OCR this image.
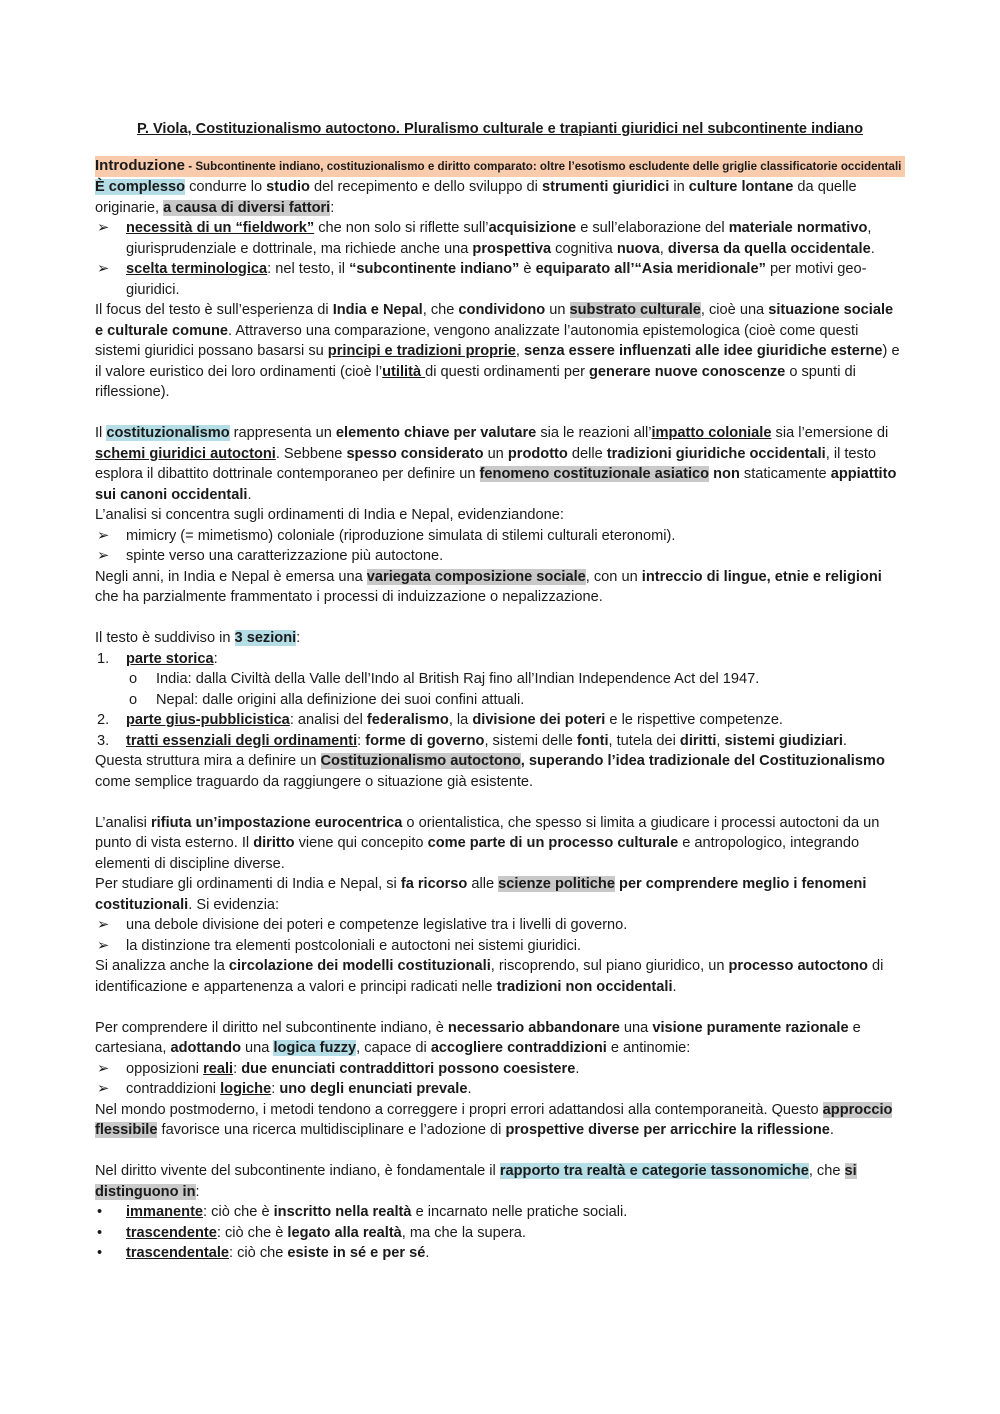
P. Viola, Costituzionalismo autoctono. Pluralismo culturale e trapianti giuridici nel subcontinente indiano

Introduzione - Subcontinente indiano, costituzionalismo e diritto comparato: oltre l’esotismo escludente delle griglie classificatorie occidentali

È complesso condurre lo studio del recepimento e dello sviluppo di strumenti giuridici in culture lontane da quelle originarie, a causa di diversi fattori:

➢ necessità di un “fieldwork” che non solo si riflette sull’acquisizione e sull’elaborazione del materiale normativo, giurisprudenziale e dottrinale, ma richiede anche una prospettiva cognitiva nuova, diversa da quella occidentale.
➢ scelta terminologica: nel testo, il “subcontinente indiano” è equiparato all’“Asia meridionale” per motivi geo-giuridici.

Il focus del testo è sull’esperienza di India e Nepal, che condividono un substrato culturale, cioè una situazione sociale e culturale comune. Attraverso una comparazione, vengono analizzate l’autonomia epistemologica (cioè come questi sistemi giuridici possano basarsi su principi e tradizioni proprie, senza essere influenzati alle idee giuridiche esterne) e il valore euristico dei loro ordinamenti (cioè l’utilità di questi ordinamenti per generare nuove conoscenze o spunti di riflessione).

Il costituzionalismo rappresenta un elemento chiave per valutare sia le reazioni all’impatto coloniale sia l’emersione di schemi giuridici autoctoni. Sebbene spesso considerato un prodotto delle tradizioni giuridiche occidentali, il testo esplora il dibattito dottrinale contemporaneo per definire un fenomeno costituzionale asiatico non staticamente appiattito sui canoni occidentali.

L’analisi si concentra sugli ordinamenti di India e Nepal, evidenziandone:

➢ mimicry (= mimetismo) coloniale (riproduzione simulata di stilemi culturali eteronomi).
➢ spinte verso una caratterizzazione più autoctone.

Negli anni, in India e Nepal è emersa una variegata composizione sociale, con un intreccio di lingue, etnie e religioni che ha parzialmente frammentato i processi di induizzazione o nepalizzazione.

Il testo è suddiviso in 3 sezioni:

1. parte storica:
o India: dalla Civiltà della Valle dell’Indo al British Raj fino all’Indian Independence Act del 1947.
o Nepal: dalle origini alla definizione dei suoi confini attuali.
2. parte gius-pubblicistica: analisi del federalismo, la divisione dei poteri e le rispettive competenze.
3. tratti essenziali degli ordinamenti: forme di governo, sistemi delle fonti, tutela dei diritti, sistemi giudiziari.

Questa struttura mira a definire un Costituzionalismo autoctono, superando l’idea tradizionale del Costituzionalismo come semplice traguardo da raggiungere o situazione già esistente.

L’analisi rifiuta un’impostazione eurocentrica o orientalistica, che spesso si limita a giudicare i processi autoctoni da un punto di vista esterno. Il diritto viene qui concepito come parte di un processo culturale e antropologico, integrando elementi di discipline diverse.

Per studiare gli ordinamenti di India e Nepal, si fa ricorso alle scienze politiche per comprendere meglio i fenomeni costituzionali. Si evidenzia:

➢ una debole divisione dei poteri e competenze legislative tra i livelli di governo.
➢ la distinzione tra elementi postcoloniali e autoctoni nei sistemi giuridici.

Si analizza anche la circolazione dei modelli costituzionali, riscoprendo, sul piano giuridico, un processo autoctono di identificazione e appartenenza a valori e principi radicati nelle tradizioni non occidentali.

Per comprendere il diritto nel subcontinente indiano, è necessario abbandonare una visione puramente razionale e cartesiana, adottando una logica fuzzy, capace di accogliere contraddizioni e antinomie:

➢ opposizioni reali: due enunciati contraddittori possono coesistere.
➢ contraddizioni logiche: uno degli enunciati prevale.

Nel mondo postmoderno, i metodi tendono a correggere i propri errori adattandosi alla contemporaneità. Questo approccio flessibile favorisce una ricerca multidisciplinare e l’adozione di prospettive diverse per arricchire la riflessione.

Nel diritto vivente del subcontinente indiano, è fondamentale il rapporto tra realtà e categorie tassonomiche, che si distinguono in:

• immanente: ciò che è inscritto nella realtà e incarnato nelle pratiche sociali.
• trascendente: ciò che è legato alla realtà, ma che la supera.
• trascendentale: ciò che esiste in sé e per sé.
